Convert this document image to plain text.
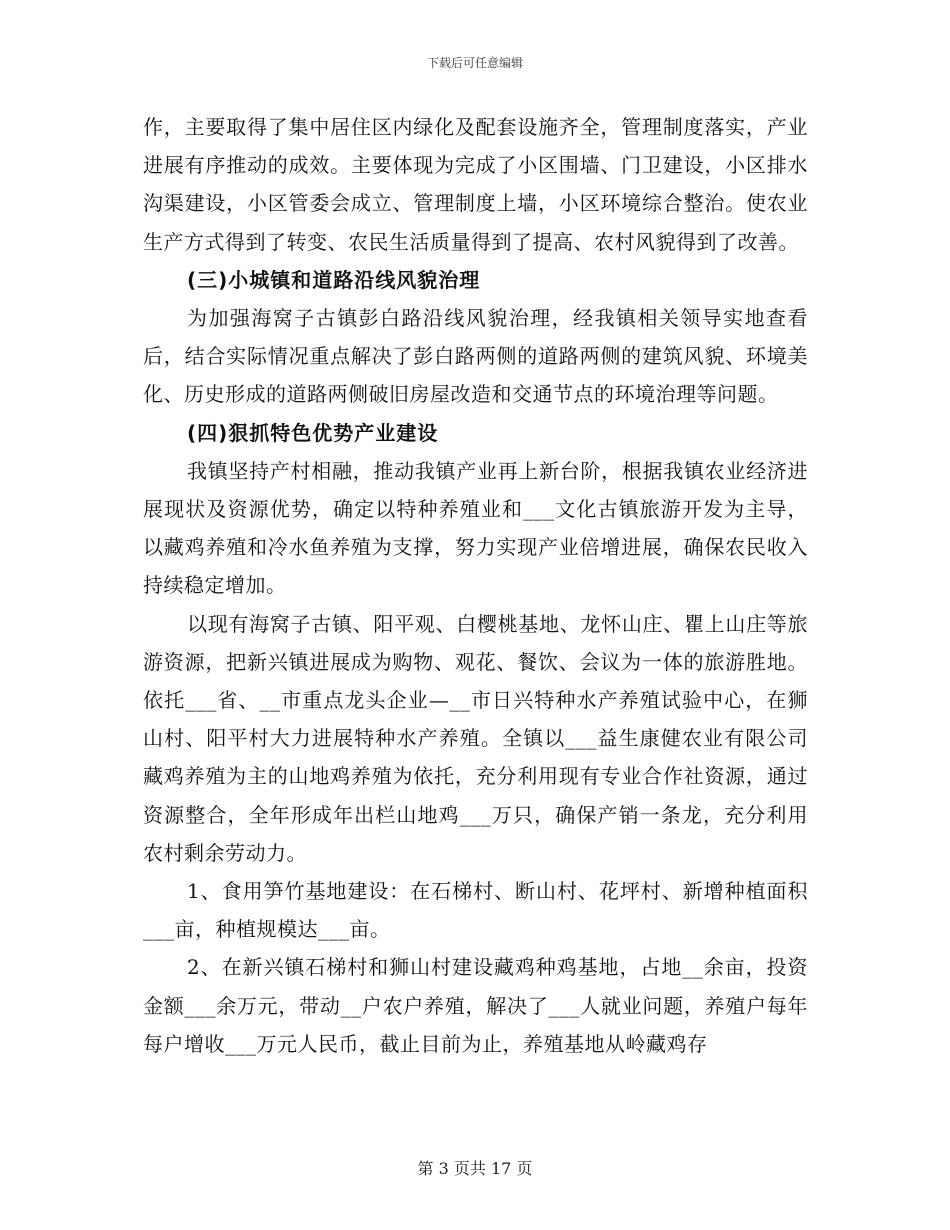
下载后可任意编辑

作，主要取得了集中居住区内绿化及配套设施齐全，管理制度落实，产业进展有序推动的成效。主要体现为完成了小区围墙、门卫建设，小区排水沟渠建设，小区管委会成立、管理制度上墙，小区环境综合整治。使农业生产方式得到了转变、农民生活质量得到了提高、农村风貌得到了改善。

(三)小城镇和道路沿线风貌治理

为加强海窝子古镇彭白路沿线风貌治理，经我镇相关领导实地查看后，结合实际情况重点解决了彭白路两侧的道路两侧的建筑风貌、环境美化、历史形成的道路两侧破旧房屋改造和交通节点的环境治理等问题。

(四)狠抓特色优势产业建设

我镇坚持产村相融，推动我镇产业再上新台阶，根据我镇农业经济进展现状及资源优势，确定以特种养殖业和___文化古镇旅游开发为主导，以藏鸡养殖和冷水鱼养殖为支撑，努力实现产业倍增进展，确保农民收入持续稳定增加。

以现有海窝子古镇、阳平观、白樱桃基地、龙怀山庄、瞿上山庄等旅游资源，把新兴镇进展成为购物、观花、餐饮、会议为一体的旅游胜地。依托___省、__市重点龙头企业—__市日兴特种水产养殖试验中心，在狮山村、阳平村大力进展特种水产养殖。全镇以___益生康健农业有限公司藏鸡养殖为主的山地鸡养殖为依托，充分利用现有专业合作社资源，通过资源整合，全年形成年出栏山地鸡___万只，确保产销一条龙，充分利用农村剩余劳动力。

1、食用笋竹基地建设：在石梯村、断山村、花坪村、新增种植面积___亩，种植规模达___亩。

2、在新兴镇石梯村和狮山村建设藏鸡种鸡基地，占地__余亩，投资金额___余万元，带动__户农户养殖，解决了___人就业问题，养殖户每年每户增收___万元人民币，截止目前为止，养殖基地从岭藏鸡存

第 3 页共 17 页
